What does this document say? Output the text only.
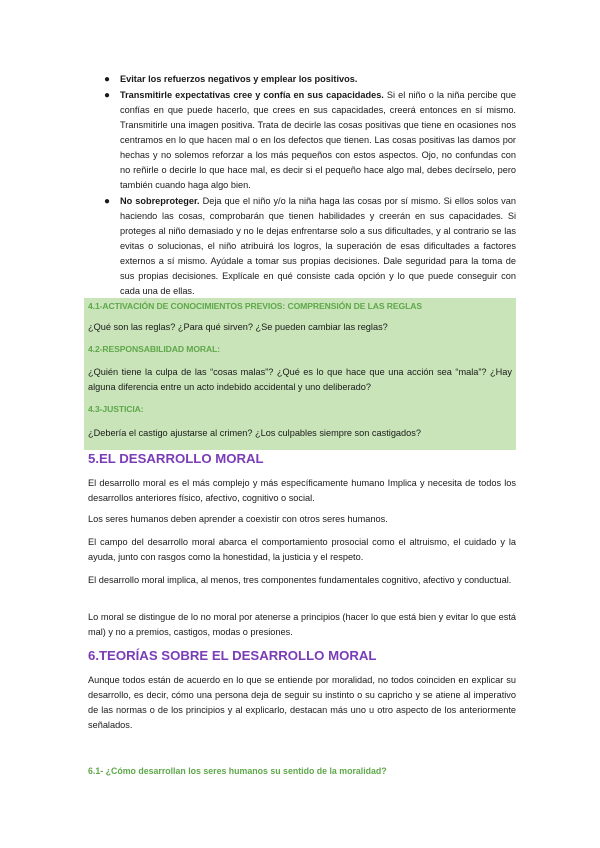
● Evitar los refuerzos negativos y emplear los positivos.

● Transmitirle expectativas cree y confía en sus capacidades. Si el niño o la niña percibe que confías en que puede hacerlo, que crees en sus capacidades, creerá entonces en sí mismo. Transmitirle una imagen positiva. Trata de decirle las cosas positivas que tiene en ocasiones nos centramos en lo que hacen mal o en los defectos que tienen. Las cosas positivas las damos por hechas y no solemos reforzar a los más pequeños con estos aspectos. Ojo, no confundas con no reñirle o decirle lo que hace mal, es decir si el pequeño hace algo mal, debes decírselo, pero también cuando haga algo bien.

● No sobreproteger. Deja que el niño y/o la niña haga las cosas por sí mismo. Si ellos solos van haciendo las cosas, comprobarán que tienen habilidades y creerán en sus capacidades. Si proteges al niño demasiado y no le dejas enfrentarse solo a sus dificultades, y al contrario se las evitas o solucionas, el niño atribuirá los logros, la superación de esas dificultades a factores externos a sí mismo. Ayúdale a tomar sus propias decisiones. Dale seguridad para la toma de sus propias decisiones. Explícale en qué consiste cada opción y lo que puede conseguir con cada una de ellas.

4.1-ACTIVACIÓN DE CONOCIMIENTOS PREVIOS: COMPRENSIÓN DE LAS REGLAS
¿Qué son las reglas? ¿Para qué sirven? ¿Se pueden cambiar las reglas?
4.2-RESPONSABILIDAD MORAL:
¿Quién tiene la culpa de las “cosas malas”? ¿Qué es lo que hace que una acción sea “mala”? ¿Hay alguna diferencia entre un acto indebido accidental y uno deliberado?
4.3-JUSTICIA:
¿Debería el castigo ajustarse al crimen? ¿Los culpables siempre son castigados?
5.EL DESARROLLO MORAL

El desarrollo moral es el más complejo y más específicamente humano Implica y necesita de todos los desarrollos anteriores físico, afectivo, cognitivo o social.

Los seres humanos deben aprender a coexistir con otros seres humanos.

El campo del desarrollo moral abarca el comportamiento prosocial como el altruismo, el cuidado y la ayuda, junto con rasgos como la honestidad, la justicia y el respeto.

El desarrollo moral implica, al menos, tres componentes fundamentales cognitivo, afectivo y conductual.

Lo moral se distingue de lo no moral por atenerse a principios (hacer lo que está bien y evitar lo que está mal) y no a premios, castigos, modas o presiones.

6.TEORÍAS SOBRE EL DESARROLLO MORAL

Aunque todos están de acuerdo en lo que se entiende por moralidad, no todos coinciden en explicar su desarrollo, es decir, cómo una persona deja de seguir su instinto o su capricho y se atiene al imperativo de las normas o de los principios y al explicarlo, destacan más uno u otro aspecto de los anteriormente señalados.

6.1- ¿Cómo desarrollan los seres humanos su sentido de la moralidad?
